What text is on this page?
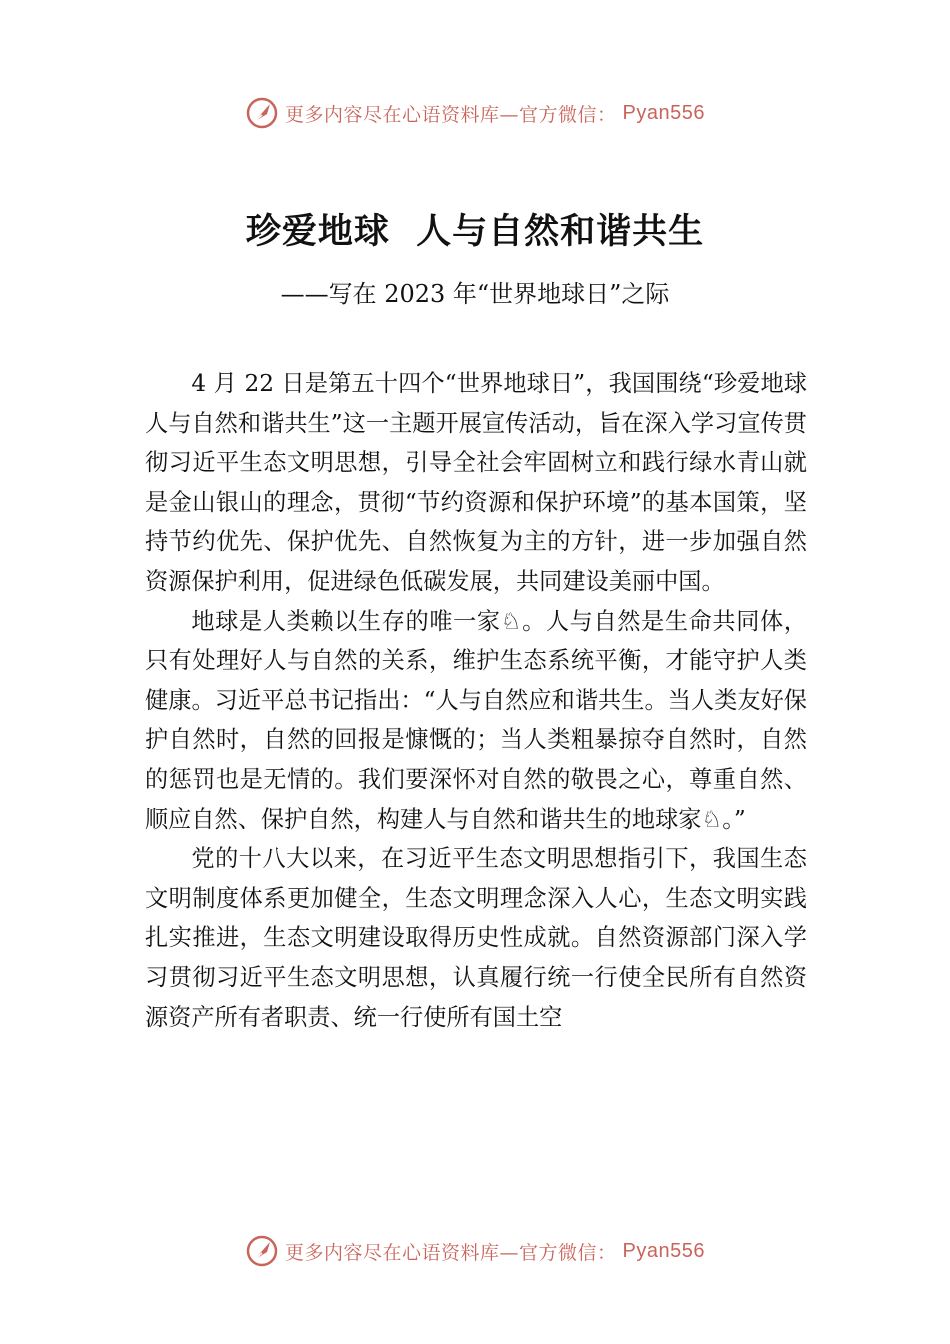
更多内容尽在心语资料库—官方微信： Pyan556
珍爱地球  人与自然和谐共生
——写在 2023 年“世界地球日”之际

4 月 22 日是第五十四个“世界地球日”，我国围绕“珍爱地球 人与自然和谐共生”这一主题开展宣传活动，旨在深入学习宣传贯彻习近平生态文明思想，引导全社会牢固树立和践行绿水青山就是金山银山的理念，贯彻“节约资源和保护环境”的基本国策，坚持节约优先、保护优先、自然恢复为主的方针，进一步加强自然资源保护利用，促进绿色低碳发展，共同建设美丽中国。

地球是人类赖以生存的唯一家♘。人与自然是生命共同体，只有处理好人与自然的关系，维护生态系统平衡，才能守护人类健康。习近平总书记指出：“人与自然应和谐共生。当人类友好保护自然时，自然的回报是慷慨的；当人类粗暴掠夺自然时，自然的惩罚也是无情的。我们要深怀对自然的敬畏之心，尊重自然、顺应自然、保护自然，构建人与自然和谐共生的地球家♘。”

党的十八大以来，在习近平生态文明思想指引下，我国生态文明制度体系更加健全，生态文明理念深入人心，生态文明实践扎实推进，生态文明建设取得历史性成就。自然资源部门深入学习贯彻习近平生态文明思想，认真履行统一行使全民所有自然资源资产所有者职责、统一行使所有国土空

更多内容尽在心语资料库—官方微信： Pyan556
